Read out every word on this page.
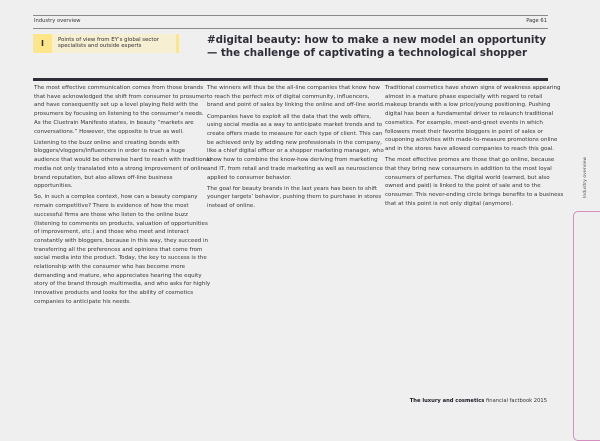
Industry overview	Page 61
I	Points of view from EY’s global sector specialists and outside experts
#digital beauty: how to make a new model an opportunity — the challenge of captivating a technological shopper

The most effective communication comes from those brands that have acknowledged the shift from consumer to prosumer and have consequently set up a level playing field with the prosumers by focusing on listening to the consumer’s needs. As the Cluetrain Manifesto states, in beauty “markets are conversations.” However, the opposite is true as well.

Listening to the buzz online and creating bonds with bloggers/vloggers/influencers in order to reach a huge audience that would be otherwise hard to reach with traditional media not only translated into a strong improvement of online brand reputation, but also allows off-line business opportunities.

So, in such a complex context, how can a beauty company remain competitive? There is evidence of how the most successful firms are those who listen to the online buzz (listening to comments on products, valuation of opportunities of improvement, etc.) and those who meet and interact constantly with bloggers, because in this way, they succeed in transferring all the preferences and opinions that come from social media into the product. Today, the key to success is the relationship with the consumer who has become more demanding and mature, who appreciates hearing the equity story of the brand through multimedia, and who asks for highly innovative products and looks for the ability of cosmetics companies to anticipate his needs.

The winners will thus be the all-line companies that know how to reach the perfect mix of digital community, influencers, brand and point of sales by linking the online and off-line world.

Companies have to exploit all the data that the web offers, using social media as a way to anticipate market trends and to create offers made to measure for each type of client. This can be achieved only by adding new professionals in the company, like a chief digital officer or a shopper marketing manager, who know how to combine the know-how deriving from marketing and IT, from retail and trade marketing as well as neuroscience applied to consumer behavior.

The goal for beauty brands in the last years has been to shift younger targets’ behavior, pushing them to purchase in stores instead of online.

Traditional cosmetics have shown signs of weakness appearing almost in a mature phase especially with regard to retail makeup brands with a low price/young positioning. Pushing digital has been a fundamental driver to relaunch traditional cosmetics. For example, meet-and-greet events in which followers meet their favorite bloggers in point of sales or couponing activities with made-to-measure promotions online and in the stores have allowed companies to reach this goal.

The most effective promos are those that go online, because that they bring new consumers in addition to the most loyal consumers of perfumes. The digital world (earned, but also owned and paid) is linked to the point of sale and to the consumer. This never-ending circle brings benefits to a business that at this point is not only digital (anymore).

Industry overview
The luxury and cosmetics financial factbook 2015
